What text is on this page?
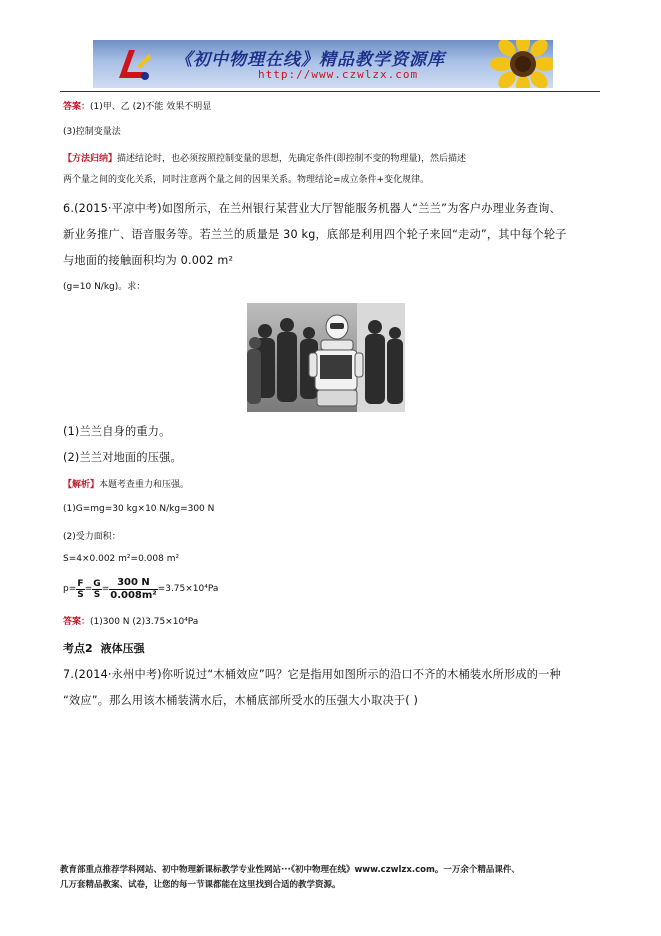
《初中物理在线》精品教学资源库
http://www.czwlzx.com
答案：(1)甲、乙 (2)不能 效果不明显
(3)控制变量法
【方法归纳】描述结论时，也必须按照控制变量的思想，先确定条件(即控制不变的物理量)，然后描述
两个量之间的变化关系，同时注意两个量之间的因果关系。物理结论=成立条件+变化规律。
6.(2015·平凉中考)如图所示，在兰州银行某营业大厅智能服务机器人“兰兰”为客户办理业务查询、
新业务推广、语音服务等。若兰兰的质量是 30 kg，底部是利用四个轮子来回“走动”，其中每个轮子
与地面的接触面积均为 0.002 m²
(g=10 N/kg)。求：
(1)兰兰自身的重力。
(2)兰兰对地面的压强。
【解析】本题考查重力和压强。
(1)G=mg=30 kg×10 N/kg=300 N
(2)受力面积：
S=4×0.002 m²=0.008 m²
$p= \frac{F}{S} = \frac{G}{S} = \frac{300 N}{\text{0.008m²}} =3.75\times 10^4Pa$
答案：(1)300 N (2)3.75×10⁴Pa
考点2 液体压强
7.(2014·永州中考)你听说过“木桶效应”吗？它是指用如图所示的沿口不齐的木桶装水所形成的一种
“效应”。那么用该木桶装满水后，木桶底部所受水的压强大小取决于( )
教育部重点推荐学科网站、初中物理新课标教学专业性网站···《初中物理在线》www.czwlzx.com。一万余个精品课件、
几万套精品教案、试卷，让您的每一节课都能在这里找到合适的教学资源。
